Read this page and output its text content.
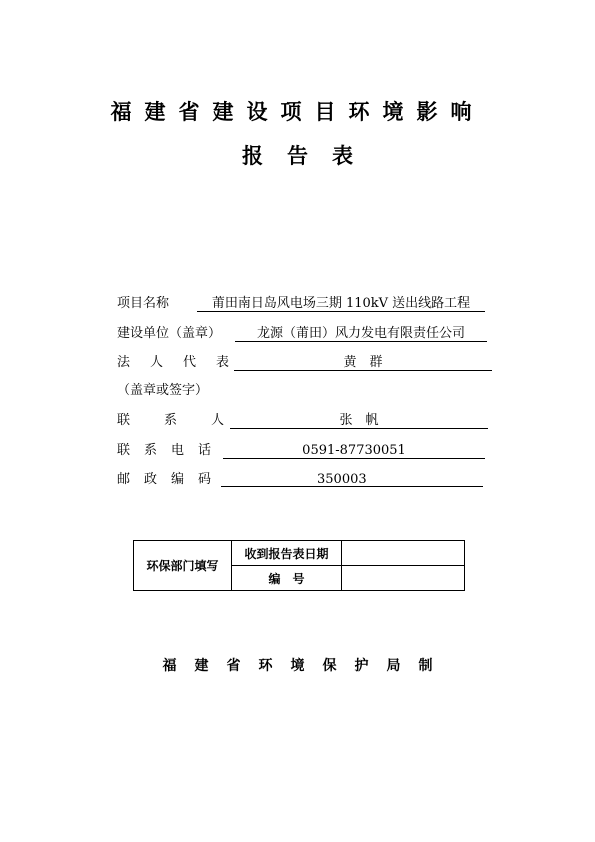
福建省建设项目环境影响
报告表
项目名称	莆田南日岛风电场三期 110kV 送出线路工程
建设单位（盖章）	龙源（莆田）风力发电有限责任公司
法人代表	黄　群
（盖章或签字）
联系人	张　帆
联系电话	0591-87730051
邮政编码	350003
环保部门填写	收到报告表日期	
	编　号	
福建省环境保护局制
